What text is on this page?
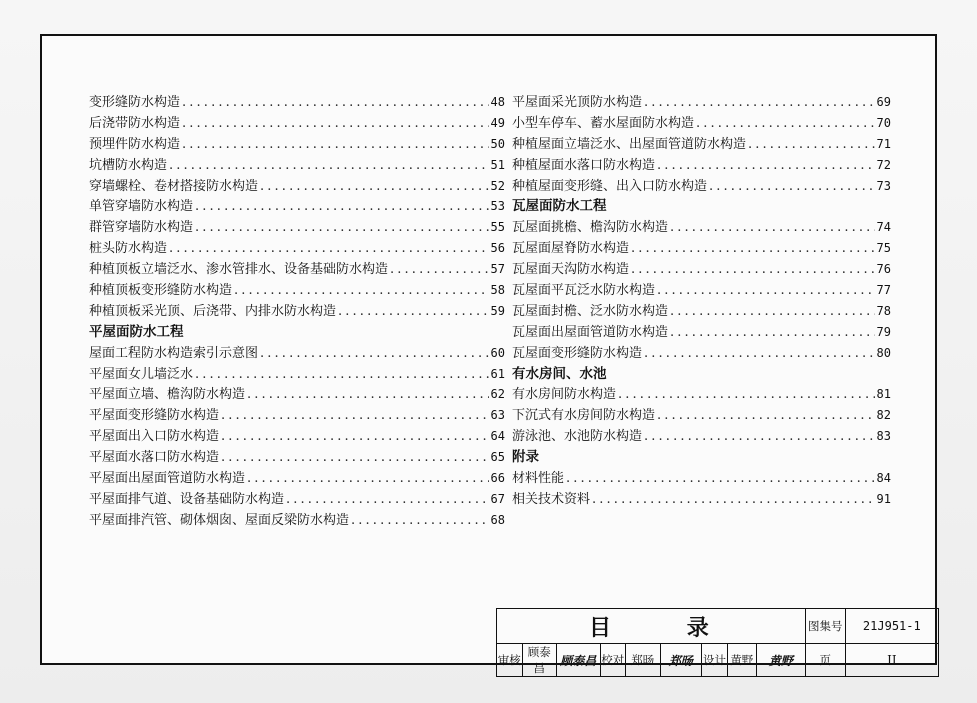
变形缝防水构造 . . .	48
后浇带防水构造 . . .	49
预埋件防水构造 . . .	50
坑槽防水构造 . . .	51
穿墙螺栓、卷材搭接防水构造 . . .	52
单管穿墙防水构造 . . .	53
群管穿墙防水构造 . . .	55
桩头防水构造 . . .	56
种植顶板立墙泛水、渗水管排水、设备基础防水构造 . . .	57
种植顶板变形缝防水构造 . . .	58
种植顶板采光顶、后浇带、内排水防水构造 . . .	59
平屋面防水工程
屋面工程防水构造索引示意图 . . .	60
平屋面女儿墙泛水 . . .	61
平屋面立墙、檐沟防水构造 . . .	62
平屋面变形缝防水构造 . . .	63
平屋面出入口防水构造 . . .	64
平屋面水落口防水构造 . . .	65
平屋面出屋面管道防水构造 . . .	66
平屋面排气道、设备基础防水构造 . . .	67
平屋面排汽管、砌体烟囱、屋面反梁防水构造 . . .	68
平屋面采光顶防水构造 . . .	69
小型车停车、蓄水屋面防水构造 . . .	70
种植屋面立墙泛水、出屋面管道防水构造 . . .	71
种植屋面水落口防水构造 . . .	72
种植屋面变形缝、出入口防水构造 . . .	73
瓦屋面防水工程
瓦屋面挑檐、檐沟防水构造 . . .	74
瓦屋面屋脊防水构造 . . .	75
瓦屋面天沟防水构造 . . .	76
瓦屋面平瓦泛水防水构造 . . .	77
瓦屋面封檐、泛水防水构造 . . .	78
瓦屋面出屋面管道防水构造 . . .	79
瓦屋面变形缝防水构造 . . .	80
有水房间、水池
有水房间防水构造 . . .	81
下沉式有水房间防水构造 . . .	82
游泳池、水池防水构造 . . .	83
附录
材料性能 . . .	84
相关技术资料 . . .	91
目 录									图集号	21J951-1
审核	顾泰昌	顾泰昌	校对	郑旸	郑旸	设计	黄野	黄野	页	II
